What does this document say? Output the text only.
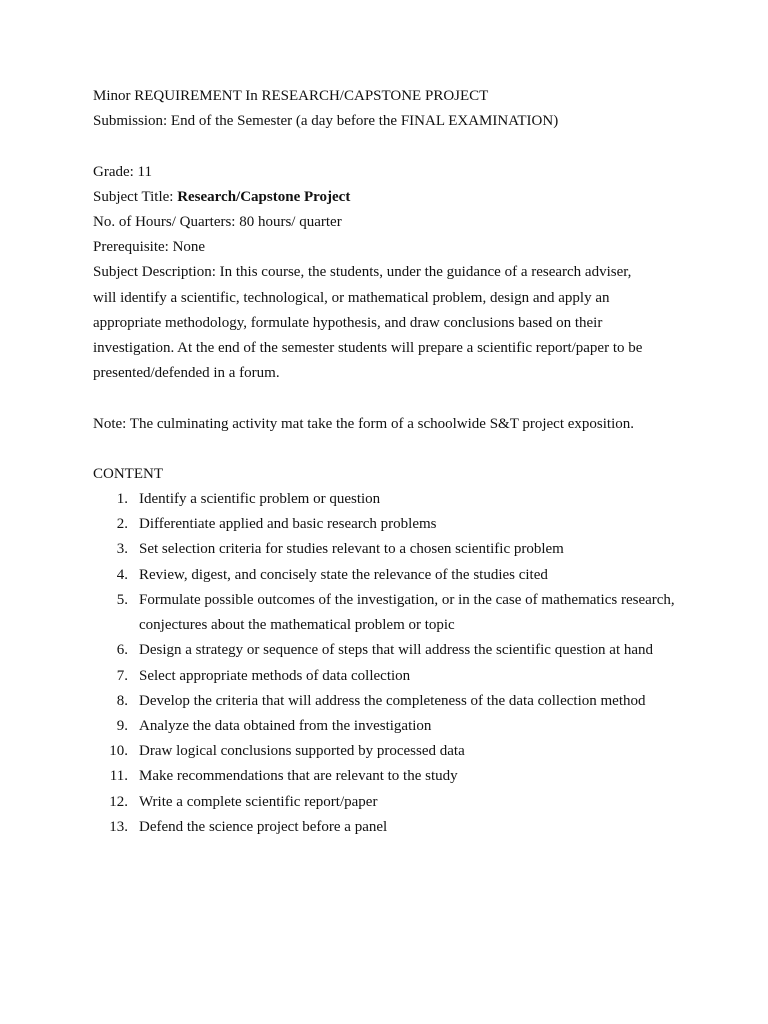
Minor REQUIREMENT In RESEARCH/CAPSTONE PROJECT
Submission: End of the Semester (a day before the FINAL EXAMINATION)
Grade: 11
Subject Title: Research/Capstone Project
No. of Hours/ Quarters: 80 hours/ quarter
Prerequisite: None
Subject Description: In this course, the students, under the guidance of a research adviser, will identify a scientific, technological, or mathematical problem, design and apply an appropriate methodology, formulate hypothesis, and draw conclusions based on their investigation. At the end of the semester students will prepare a scientific report/paper to be presented/defended in a forum.
Note: The culminating activity mat take the form of a schoolwide S&T project exposition.
CONTENT
1. Identify a scientific problem or question
2. Differentiate applied and basic research problems
3. Set selection criteria for studies relevant to a chosen scientific problem
4. Review, digest, and concisely state the relevance of the studies cited
5. Formulate possible outcomes of the investigation, or in the case of mathematics research, conjectures about the mathematical problem or topic
6. Design a strategy or sequence of steps that will address the scientific question at hand
7. Select appropriate methods of data collection
8. Develop the criteria that will address the completeness of the data collection method
9. Analyze the data obtained from the investigation
10. Draw logical conclusions supported by processed data
11. Make recommendations that are relevant to the study
12. Write a complete scientific report/paper
13. Defend the science project before a panel
